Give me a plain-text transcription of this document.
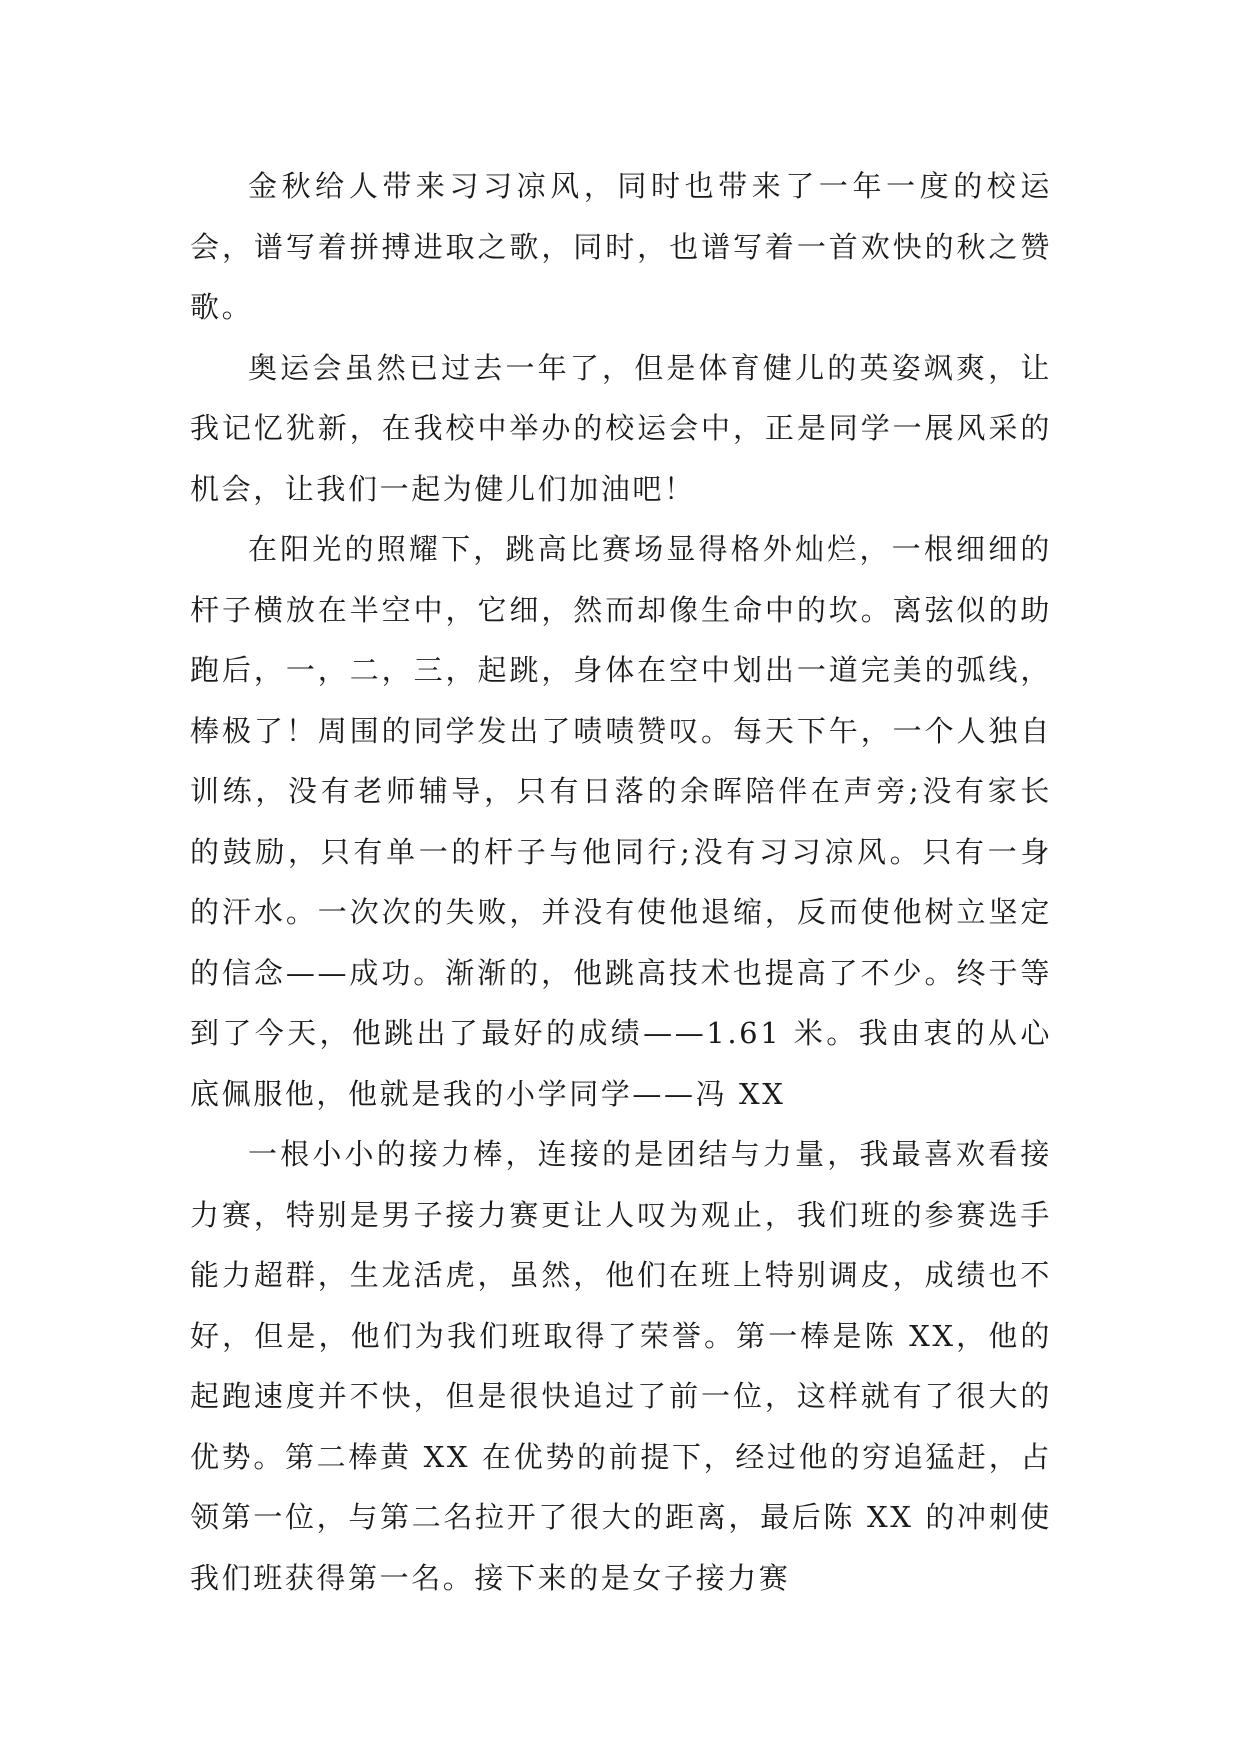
金秋给人带来习习凉风，同时也带来了一年一度的校运会，谱写着拼搏进取之歌，同时，也谱写着一首欢快的秋之赞歌。

奥运会虽然已过去一年了，但是体育健儿的英姿飒爽，让我记忆犹新，在我校中举办的校运会中，正是同学一展风采的机会，让我们一起为健儿们加油吧！

在阳光的照耀下，跳高比赛场显得格外灿烂，一根细细的杆子横放在半空中，它细，然而却像生命中的坎。离弦似的助跑后，一，二，三，起跳，身体在空中划出一道完美的弧线，棒极了！周围的同学发出了啧啧赞叹。每天下午，一个人独自训练，没有老师辅导，只有日落的余晖陪伴在声旁;没有家长的鼓励，只有单一的杆子与他同行;没有习习凉风。只有一身的汗水。一次次的失败，并没有使他退缩，反而使他树立坚定的信念——成功。渐渐的，他跳高技术也提高了不少。终于等到了今天，他跳出了最好的成绩——1.61 米。我由衷的从心底佩服他，他就是我的小学同学——冯 XX

一根小小的接力棒，连接的是团结与力量，我最喜欢看接力赛，特别是男子接力赛更让人叹为观止，我们班的参赛选手能力超群，生龙活虎，虽然，他们在班上特别调皮，成绩也不好，但是，他们为我们班取得了荣誉。第一棒是陈 XX，他的起跑速度并不快，但是很快追过了前一位，这样就有了很大的优势。第二棒黄 XX 在优势的前提下，经过他的穷追猛赶，占领第一位，与第二名拉开了很大的距离，最后陈 XX 的冲刺使我们班获得第一名。接下来的是女子接力赛
